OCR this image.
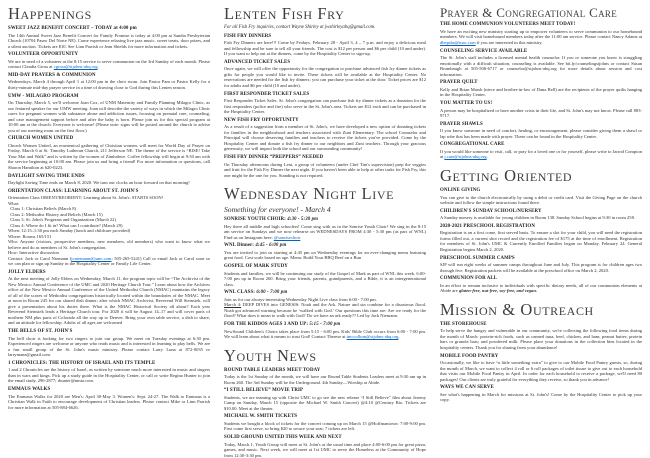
Happenings
SWEET JAZZ BENEFIT CONCERT – TODAY at 4:00 pm

The 14th Annual Sweet Jazz Benefit Concert for Family Promise is today at 4:00 pm at Sandia Presbyterian Church (10704 Paseo Del Norte NE). Come experience relaxing live jazz music, sweet treats, door prizes, and a silent auction. Tickets are $10. See Linn Parrish or Jean Shields for more information and tickets.

VOLUNTEER OPPORTUNITY

We are in need of a volunteer at the 8:15 service to serve communion on the 3rd Sunday of each month. Please contact Claudia Gross at cgross@stjohns-abq.org.

MID-DAY PRAYERS & COMMUNION

Wednesdays, March 4 through April 1 at 12:00 pm in the choir room. Join Pastor Pam or Pastor Kelly for a thirty-minute mid-day prayer service in a time of drawing close to God during this Lenten season.

UMW - MILAGRO PROGRAM

On Thursday, March 5, we'll welcome Joan Cox, of UNM Maternity and Family Planning Milagro Clinic, as our featured speaker for our UMW meeting. Joan will describe the variety of ways in which the Milagro Clinic cares for pregnant women with substance abuse and addiction issues, focusing on prenatal care, counseling, and case management support before and after the baby is born. Please join us for this special program at 10:00 am at the church. Everyone is welcome! (Please note: signs will be posted around the church to advise you of our meeting room on the first floor.)

CHURCH WOMEN UNITED

Church Women United, an ecumenical gathering of Christian women, will meet for World Day of Prayer on Friday, March 6 at St. Timothy Lutheran Church, 211 Jefferson NE. The theme of the service is “RISE! Take Your Mat and Walk” and is written by the women of Zimbabwe. Coffee fellowship will begin at 9:30 am with the service beginning at 10:00 am. Please join us and bring a friend! For more information or questions, call Sharon Hamilton at 620-0223.

DAYLIGHT SAVING TIME ENDS

Daylight Saving Time ends on March 8, 2020. We turn our clocks an hour forward on that morning!

ORIENTATION CLASS: LEARNING ABOUT ST. JOHN'S

Orientation Class ORIENT/REORIENT: Learning about St. John's: STARTS SOON!
What:
Class 1: Christian Beliefs (March 8)
Class 2: Methodist History and Beliefs (March 15)
Class 3: St. John's Programs and Organization (March 22)
Class 4: Where do I fit in? What can I contribute? (March 29)
When: 12:15–1:30 pm each Sunday (lunch and childcare provided)
Where: Rooms 165/151
Who: Anyone (visitors, prospective members, new members, old members) who want to know what we believe and do as members of St. John's congregation.
How: Interactive discussion
Contact: Jack or Carol Niemann (jcniemann@juno.com; 505-265-5241) Call or email Jack or Carol soon so we can plan or sign up Sunday in the Hospitality Center or Family Life Center.

JOLLY ELDERS

At the next meeting of Jolly Elders on Wednesday, March 11, the program topic will be “The Archivist of the New Mexico Annual Conference of the UMC and 2020 Heritage Church Tour.” Learn about how the Archives office of the New Mexico Annual Conference of the United Methodist Church (NMAC) maintains the legacy of all of the scores of Methodist congregations historically located within the boundaries of the NMAC. Meet at noon in Room 245 for our shared dish dinner; after which NMAC Archivist, Reverend Will Steinsiek, will give a presentation about his duties there. What is the NMAC Historical Society all about? Each year Reverend Steinsiek leads a Heritage Church tour. For 2020 it will be August 14–17 and will cover parts of northern NM plus parts of Colorado all the way up to Denver. Bring your own table service, a dish to share, and an attitude for fellowship. Adults of all ages are welcomed

THE BELLS OF ST. JOHN'S

The bell choir is looking for two ringers to join our group. We meet on Tuesday evenings at 6:30 pm. Experienced ringers are welcome or anyone who reads music and is interested in learning to play bells. We are a fun small group of the St. John's music ministry. Please contact Larry Luna at 872-0035 or larrymanz@gmail.com.

1 CHRONICLES: THE HISTORY OF ISRAEL AND ITS TEMPLE

1 and 2 Chronicles are the history of Israel, as written by someone much more interested in music and singers than in wars and kings. Pick up a study guide in the Hospitality Center, or call or write Regina Hunter to join the email study, 296-2877; rhunter@nmia.com.

EMMAUS WALKS

The Emmaus Walks for 2020 are Men's: April 30-May 3. Women's: Sept. 24-27. The Walk to Emmaus is a Christian Walk in Faith to encourage development of Christian leaders. Please contact Mike or Linn Parrish for more information at 505-884-6626.

Lenten Fish Fry

For all Fish Fry inquiries, contact Wayne Shirley at jwshirleyabq@gmail.com.

FISH FRY DINNERS

Fish Fry Dinners are here!!! Come by Fridays, February 28 - April 3, 4 – 7 p.m. and enjoy a delicious meal and fellowship and be sure to tell all your friends. The cost is $12 per person and $6 per child (10 and under). If you want to help out at the dinners, come by the Hospitality Center to sign-up.

ADVANCED TICKET SALES

Once again, we will offer the opportunity for the congregation to purchase advanced fish fry dinner tickets as gifts for people you would like to invite. These tickets will be available at the Hospitality Center. No reservations are needed for the fish fry dinners; you can purchase your ticket at the door. Ticket prices are $12 for adults and $6 per child (10 and under).

FIRST RESPONDER TICKET SALES

First Responder Ticket Sales. St. John's congregation can purchase fish fry dinner tickets as a donation for the first responders (police and fire) who serve in the St. John's area. Tickets are $12 each and can be purchased in the Hospitality Center.

NEW FISH FRY OPPORTUNITY

As a result of a suggestion from a member of St. John's, we have developed a new option of donating tickets for families in the neighborhood and teachers associated with Zuni Elementary. The school Counselor and Principal will choose deserving families and teachers to receive the tickets you've provided. Come by the Hospitality Center and donate a fish fry dinner to our neighbors and Zuni teachers. Through your gracious generosity, we will impact both the school and our surrounding community!

FISH FRY DINNER “PREPPERS” NEEDED

On Thursday afternoons during Lent, a group of volunteers (under Chef Tim's supervision) prep the veggies and fruit for the Fish Fry Dinner the next night. If you haven't been able to help at other tasks for Fish Fry, this one might be the one for you. Standing is not required.

Wednesday Night Live

Something for everyone! - March 4

SONRISE YOUTH CHOIR: 4:30 - 5:30 pm

Hey there all middle and high schoolers! Come sing with us in the Sonrise Youth Choir! We sing in the 8:15 am service on Sundays and we now rehearse on WEDNESDAYS FROM 4:30 - 5:30 pm (as part of WNL) Find us on Instagram here: @sonrisechoir

WNL Dinner: 4:45 - 6:00 pm

You are invited to join us starting at 4:45 pm on Wednesday evenings for an ever-changing menu featuring great food. Cost scale based on age. Menu: Build Your BBQ Beef on a Bun

GOSPEL OF MARK STUDY

Students and families, we will be continuing our study of the Gospel of Mark as part of WNL this week. 6:00-7:00 pm up in Room 260. Bring your friends, parents, grandparents, and a Bible, it is an intergenerational class.

WNL CLASS: 6:00 - 7:00 pm

Join us for our always-interesting Wednesday Night Live class from 6:00 - 7:00 pm.
March 4: DEEP DIVES into GENESIS: Noah and the Ark. Nature and sin combine for a disastrous flood. Noah got advanced warning because he ‘walked with God.’ Our questions this time are: Are we ready for the flood? What does it mean to walk with God? Do we have an ark ready?? Led by Jack Niemann.

FOR THE KIDDOS AGES 3 AND UP: 5:15 - 7:00 pm

NewSound Children's Choirs takes place from 5:15 - 6:00 pm. Kids' Bible Club occurs from 6:00 - 7:00 pm. We will learn about what it means to trust God! Contact Therese at tmccollum@stjohns-abq.org.

Youth News
ROUND TABLE LEADERS MEET TODAY

Today is the 1st Sunday of the month, we will have our Round Table Students Leaders meet at 9:30 am up in Room 260. The 3rd Sunday will be the Underground. 4th Sunday—Worship at Abide.

“I STILL BELIEVE” MOVIE TRIP

Students, we are teaming up with Christ UMC to go see the new release “I Still Believe” film about Jeremy Camp on Sunday, March 15 (opposite the Michael W. Smith Concert) @4:10 @Century Rio. Tickets are $10.00. Meet at the theater.

MICHAEL W. SMITH TICKETS

Students we bought a block of tickets for the concert coming up on March 15 @Hoffmantown: 7:00-9:00 pm. First come first serve, so bring $20 to secure your seat; 7 tickets are left.

SOLID GROUND UNITED THIS WEEK AND NEXT

Today, March 1, Youth Group will meet at St. John's at the usual time and place 4:00-6:00 pm for great pizza, games, and music. Next week, we will meet at 1st UMC to serve the Homeless at the Community of Hope from 12:30-3:30 pm.

Prayer & Congregational Care
THE HOME COMMUNION VOLUNTEERS MEET TODAY!

We have an exciting new ministry starting up to empower volunteers to serve communion to our homebound members. We will visit homebound members today after the 11:00 am service. Please contact Nancy Adams at dhepsba@mac.com if you are interested in this ministry.

COUNSELING SERVICE AVAILABLE

The St. John's staff includes a licensed mental health counselor. If you or someone you know is struggling emotionally with a difficult situation, counseling is available. See bit.ly/counselingstjohns or contact Susan Brumbaugh at 505-506-6717 or counselor@stjohns-abq.org for more details about session and cost information.

PRAYER QUILT

Kelly and Brian Marsh (niece and brother-in-law of Dana Bell) are the recipients of the prayer quilts hanging in the Hospitality Center.

YOU MATTER TO US!

A person may be hospitalized or have another crisis in their life, and St. John's may not know. Please call 883-9717.

PRAYER SHAWLS

If you know someone in need of comfort, healing, or encouragement, please consider giving them a shawl or lap robe that has been made with prayer. These can be found in the Hospitality Center.

CONGREGATIONAL CARE

If you would like someone to visit, call, or pray for a loved one or for yourself, please write to Jarrod Compton at j.care@stjohns-abq.org.

Getting Oriented
ONLINE GIVING

You can give to the church electronically by using a debit or credit card. Visit the Giving Page on the church website and follow the simple instructions found there.

CHILDREN'S SUNDAY SCHOOL/NURSERY

A Sunday nursery is available for young children in Room 138. Sunday School begins at 9:30 in room 258.

2020-2021 PRESCHOOL REGISTRATION

Registration is on a first come, first served basis. To ensure a slot for your child, you will need the registration forms filled out, a current shot record and the registration fee of $175 at the time of enrollment. Registration for members of St. John's UMC & Currently Enrolled Families began on Monday, February 24. General Registration begins March 2, 2020.

PRESCHOOL SUMMER CAMPS

SJP will run eight weeks of summer camps throughout June and July. This program is for children ages two through five. Registration packets will be available at the preschool office on March 2, 2020.

COMMUNION FOR ALL

In an effort to remain inclusive to individuals with specific dietary needs, all of our communion elements at Abide are gluten-free, nut-free, soy-free, and vegan.

Mission & Outreach
THE STOREHOUSE

To help serve the hungry and vulnerable in our community, we're collecting the following food items during the month of March: protein-rich foods, such as canned tuna, beef, chicken, and ham; peanut butter; protein bars or granola bars; and powdered milk. Please place your donations in the collection bins located in the hospitality centers. Thank you for sharing from your abundance!

MOBILE FOOD PANTRY

Occasionally, we like to have “a little something extra” to give to our Mobile Food Pantry guests, so, during the month of March, we want to collect 4 roll or 6 roll packages of toilet tissue to give out to each household that visits our Mobile Food Pantry in April. In order for each household to receive a package, we'll need 80 packages! Our clients are truly grateful for everything they receive, so thank you in advance!

WAYS WE CAN SERVE

See what's happening in March for missions at St. John's! Come by the Hospitality Center to pick up your copy.
